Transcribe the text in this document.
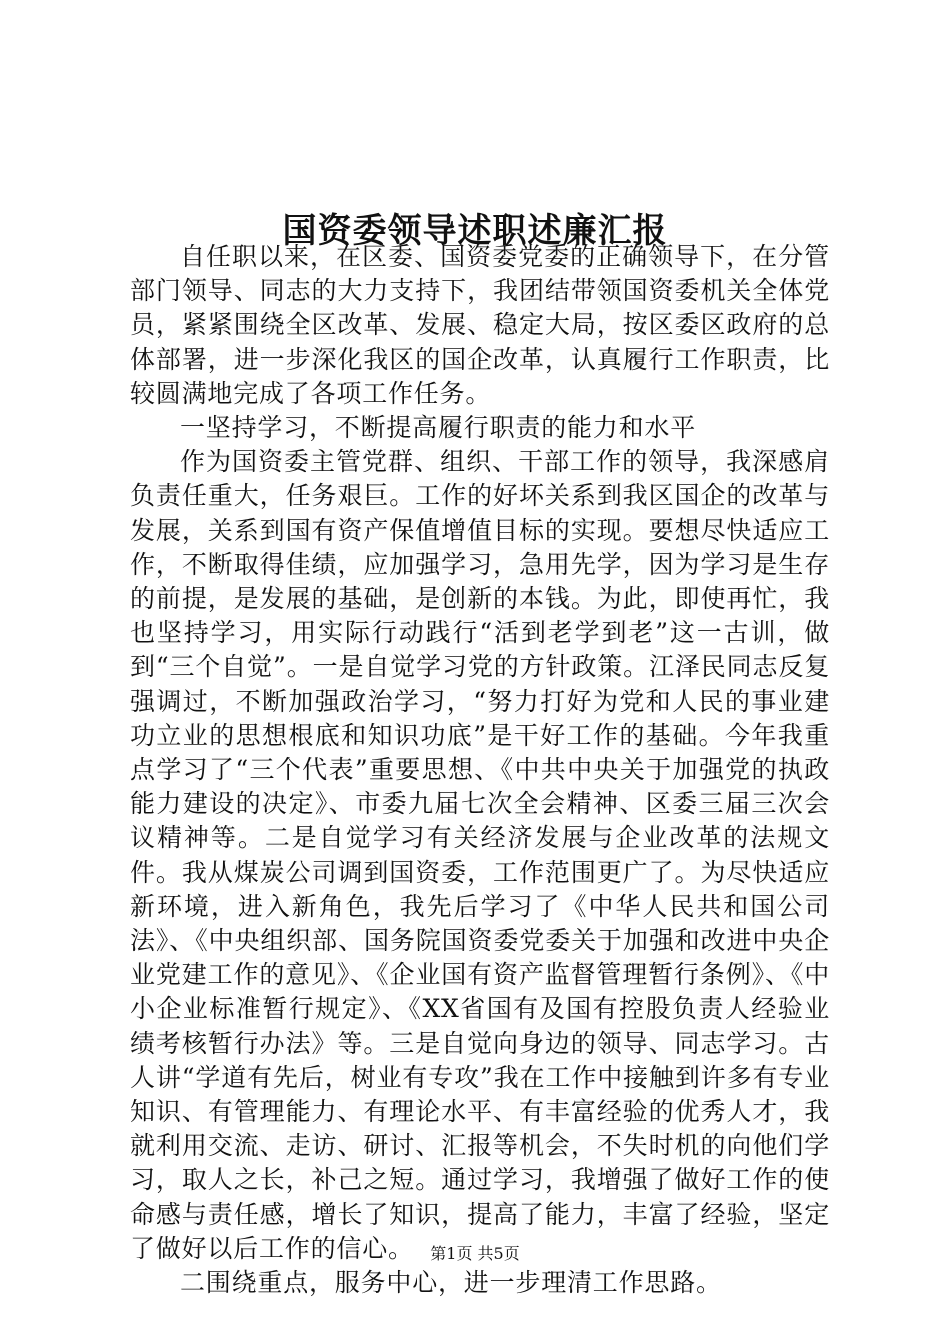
国资委领导述职述廉汇报

自任职以来，在区委、国资委党委的正确领导下，在分管部门领导、同志的大力支持下，我团结带领国资委机关全体党员，紧紧围绕全区改革、发展、稳定大局，按区委区政府的总体部署，进一步深化我区的国企改革，认真履行工作职责，比较圆满地完成了各项工作任务。

一坚持学习，不断提高履行职责的能力和水平

作为国资委主管党群、组织、干部工作的领导，我深感肩负责任重大，任务艰巨。工作的好坏关系到我区国企的改革与发展，关系到国有资产保值增值目标的实现。要想尽快适应工作，不断取得佳绩，应加强学习，急用先学，因为学习是生存的前提，是发展的基础，是创新的本钱。为此，即使再忙，我也坚持学习，用实际行动践行“活到老学到老”这一古训，做到“三个自觉”。一是自觉学习党的方针政策。江泽民同志反复强调过，不断加强政治学习，“努力打好为党和人民的事业建功立业的思想根底和知识功底”是干好工作的基础。今年我重点学习了“三个代表”重要思想、《中共中央关于加强党的执政能力建设的决定》、市委九届七次全会精神、区委三届三次会议精神等。二是自觉学习有关经济发展与企业改革的法规文件。我从煤炭公司调到国资委，工作范围更广了。为尽快适应新环境，进入新角色，我先后学习了《中华人民共和国公司法》、《中央组织部、国务院国资委党委关于加强和改进中央企业党建工作的意见》、《企业国有资产监督管理暂行条例》、《中小企业标准暂行规定》、《XX省国有及国有控股负责人经验业绩考核暂行办法》等。三是自觉向身边的领导、同志学习。古人讲“学道有先后，树业有专攻”我在工作中接触到许多有专业知识、有管理能力、有理论水平、有丰富经验的优秀人才，我就利用交流、走访、研讨、汇报等机会，不失时机的向他们学习，取人之长，补己之短。通过学习，我增强了做好工作的使命感与责任感，增长了知识，提高了能力，丰富了经验，坚定了做好以后工作的信心。

二围绕重点，服务中心，进一步理清工作思路。

第1页 共5页
